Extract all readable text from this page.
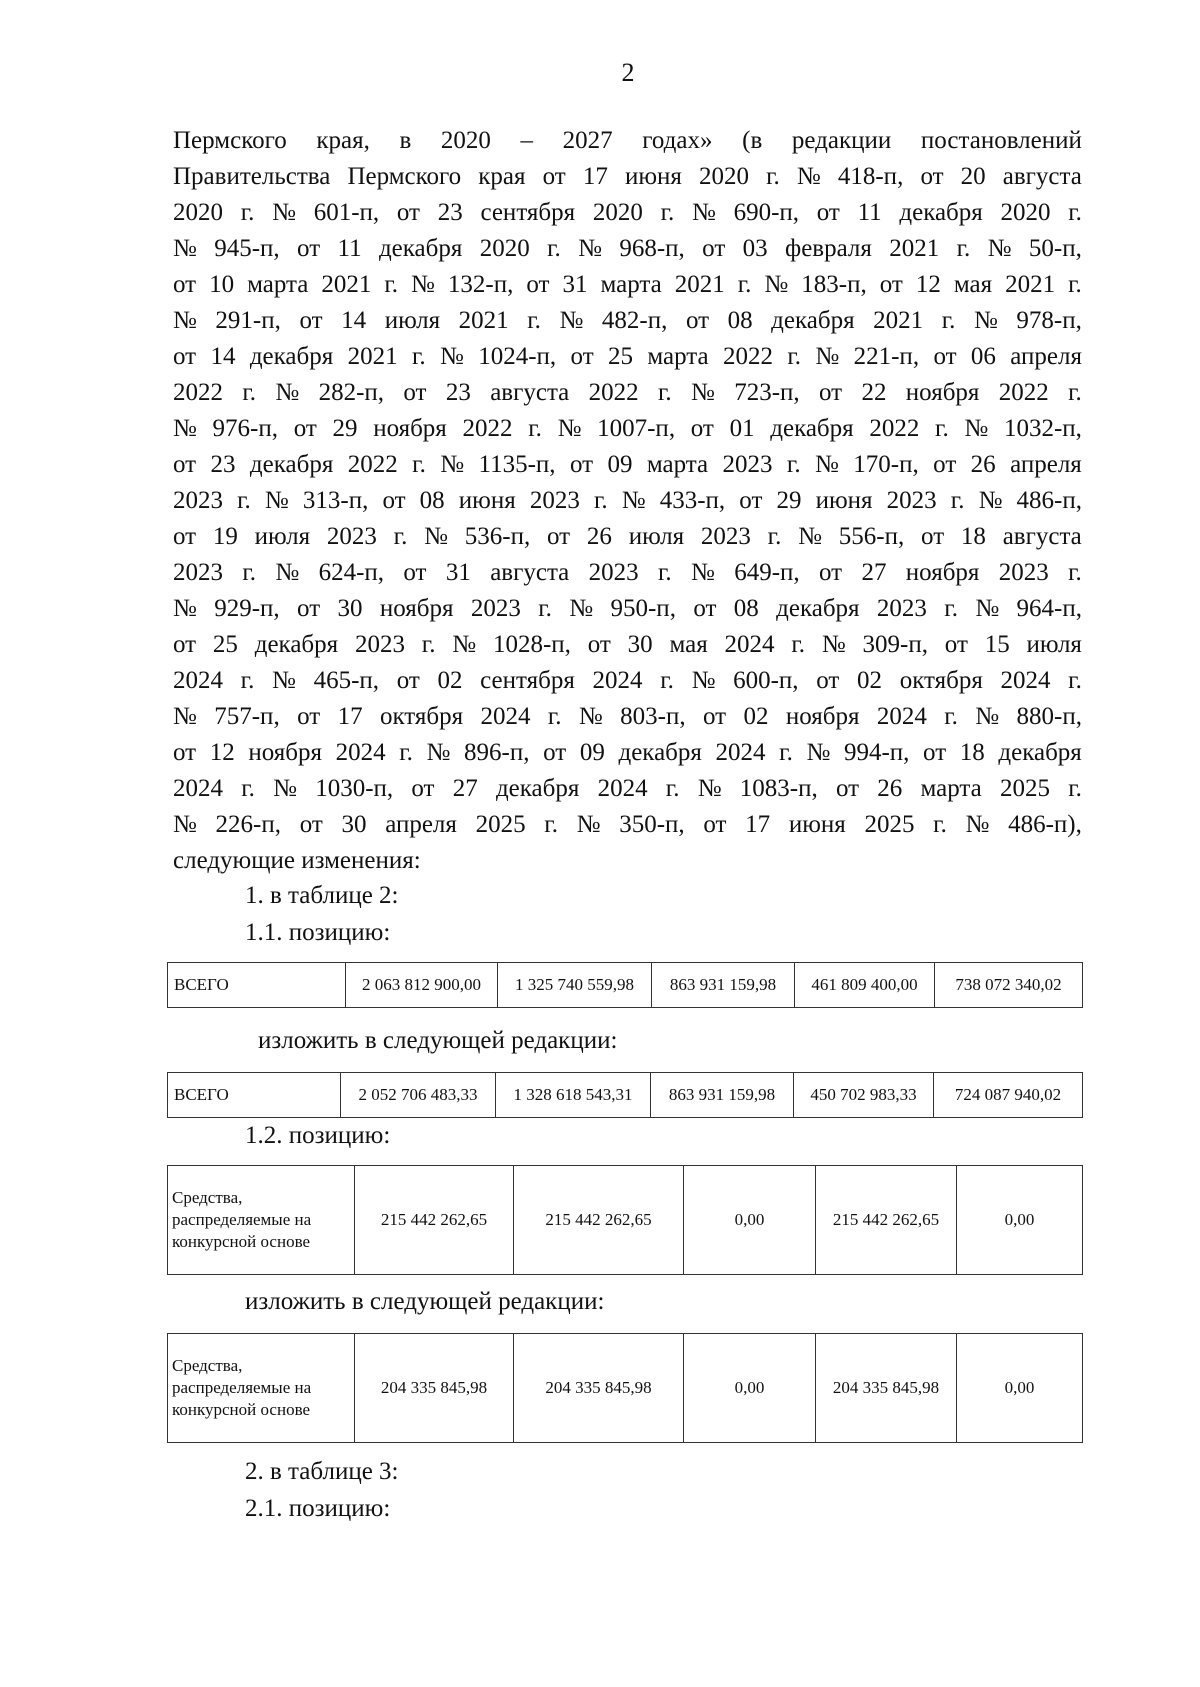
2
Пермского края, в 2020 – 2027 годах» (в редакции постановлений
Правительства Пермского края от 17 июня 2020 г. № 418-п, от 20 августа
2020 г. № 601-п, от 23 сентября 2020 г. № 690-п, от 11 декабря 2020 г.
№ 945-п, от 11 декабря 2020 г. № 968-п, от 03 февраля 2021 г. № 50-п,
от 10 марта 2021 г. № 132-п, от 31 марта 2021 г. № 183-п, от 12 мая 2021 г.
№ 291-п, от 14 июля 2021 г. № 482-п, от 08 декабря 2021 г. № 978-п,
от 14 декабря 2021 г. № 1024-п, от 25 марта 2022 г. № 221-п, от 06 апреля
2022 г. № 282-п, от 23 августа 2022 г. № 723-п, от 22 ноября 2022 г.
№ 976-п, от 29 ноября 2022 г. № 1007-п, от 01 декабря 2022 г. № 1032-п,
от 23 декабря 2022 г. № 1135-п, от 09 марта 2023 г. № 170-п, от 26 апреля
2023 г. № 313-п, от 08 июня 2023 г. № 433-п, от 29 июня 2023 г. № 486-п,
от 19 июля 2023 г. № 536-п, от 26 июля 2023 г. № 556-п, от 18 августа
2023 г. № 624-п, от 31 августа 2023 г. № 649-п, от 27 ноября 2023 г.
№ 929-п, от 30 ноября 2023 г. № 950-п, от 08 декабря 2023 г. № 964-п,
от 25 декабря 2023 г. № 1028-п, от 30 мая 2024 г. № 309-п, от 15 июля
2024 г. № 465-п, от 02 сентября 2024 г. № 600-п, от 02 октября 2024 г.
№ 757-п, от 17 октября 2024 г. № 803-п, от 02 ноября 2024 г. № 880-п,
от 12 ноября 2024 г. № 896-п, от 09 декабря 2024 г. № 994-п, от 18 декабря
2024 г. № 1030-п, от 27 декабря 2024 г. № 1083-п, от 26 марта 2025 г.
№ 226-п, от 30 апреля 2025 г. № 350-п, от 17 июня 2025 г. № 486-п),
следующие изменения:
1. в таблице 2:
1.1. позицию:
ВСЕГО	2 063 812 900,00	1 325 740 559,98	863 931 159,98	461 809 400,00	738 072 340,02
изложить в следующей редакции:
ВСЕГО	2 052 706 483,33	1 328 618 543,31	863 931 159,98	450 702 983,33	724 087 940,02
1.2. позицию:
Средства, распределяемые на конкурсной основе	215 442 262,65	215 442 262,65	0,00	215 442 262,65	0,00
изложить в следующей редакции:
Средства, распределяемые на конкурсной основе	204 335 845,98	204 335 845,98	0,00	204 335 845,98	0,00
2. в таблице 3:
2.1. позицию:
